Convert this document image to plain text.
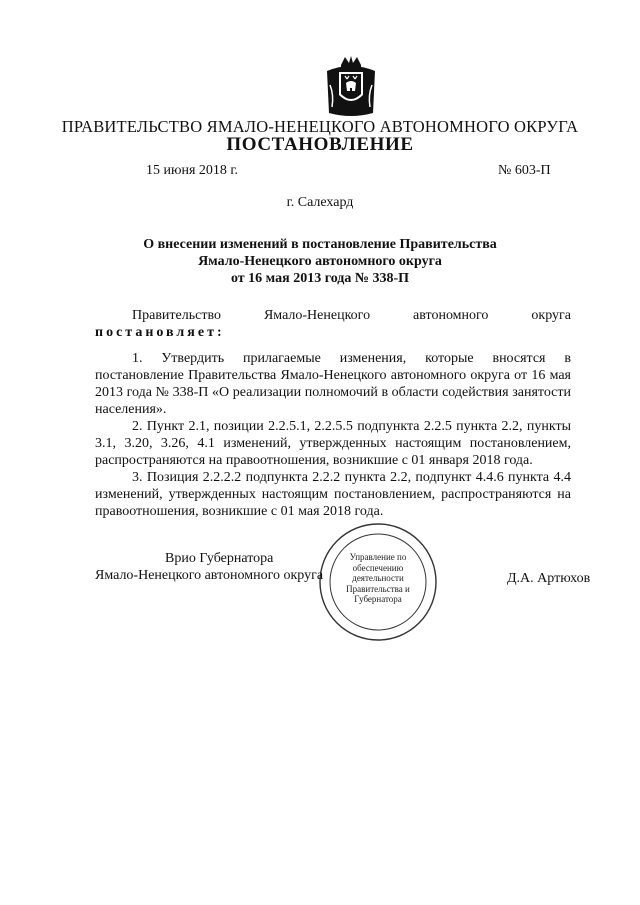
ПРАВИТЕЛЬСТВО ЯМАЛО-НЕНЕЦКОГО АВТОНОМНОГО ОКРУГА
ПОСТАНОВЛЕНИЕ
15 июня 2018 г.	№ 603-П
г. Салехард
О внесении изменений в постановление Правительства
Ямало-Ненецкого автономного округа
от 16 мая 2013 года № 338-П
Правительство	Ямало-Ненецкого	автономного	округа
постановляет:

1. Утвердить прилагаемые изменения, которые вносятся в постановление Правительства Ямало-Ненецкого автономного округа от 16 мая 2013 года № 338-П «О реализации полномочий в области содействия занятости населения».

2. Пункт 2.1, позиции 2.2.5.1, 2.2.5.5 подпункта 2.2.5 пункта 2.2, пункты 3.1, 3.20, 3.26, 4.1 изменений, утвержденных настоящим постановлением, распространяются на правоотношения, возникшие с 01 января 2018 года.

3. Позиция 2.2.2.2 подпункта 2.2.2 пункта 2.2, подпункт 4.4.6 пункта 4.4 изменений, утвержденных настоящим постановлением, распространяются на правоотношения, возникшие с 01 мая 2018 года.

Управление по обеспечению деятельности Правительства и Губернатора
Врио Губернатора
Ямало-Ненецкого автономного округа	Д.А. Артюхов
